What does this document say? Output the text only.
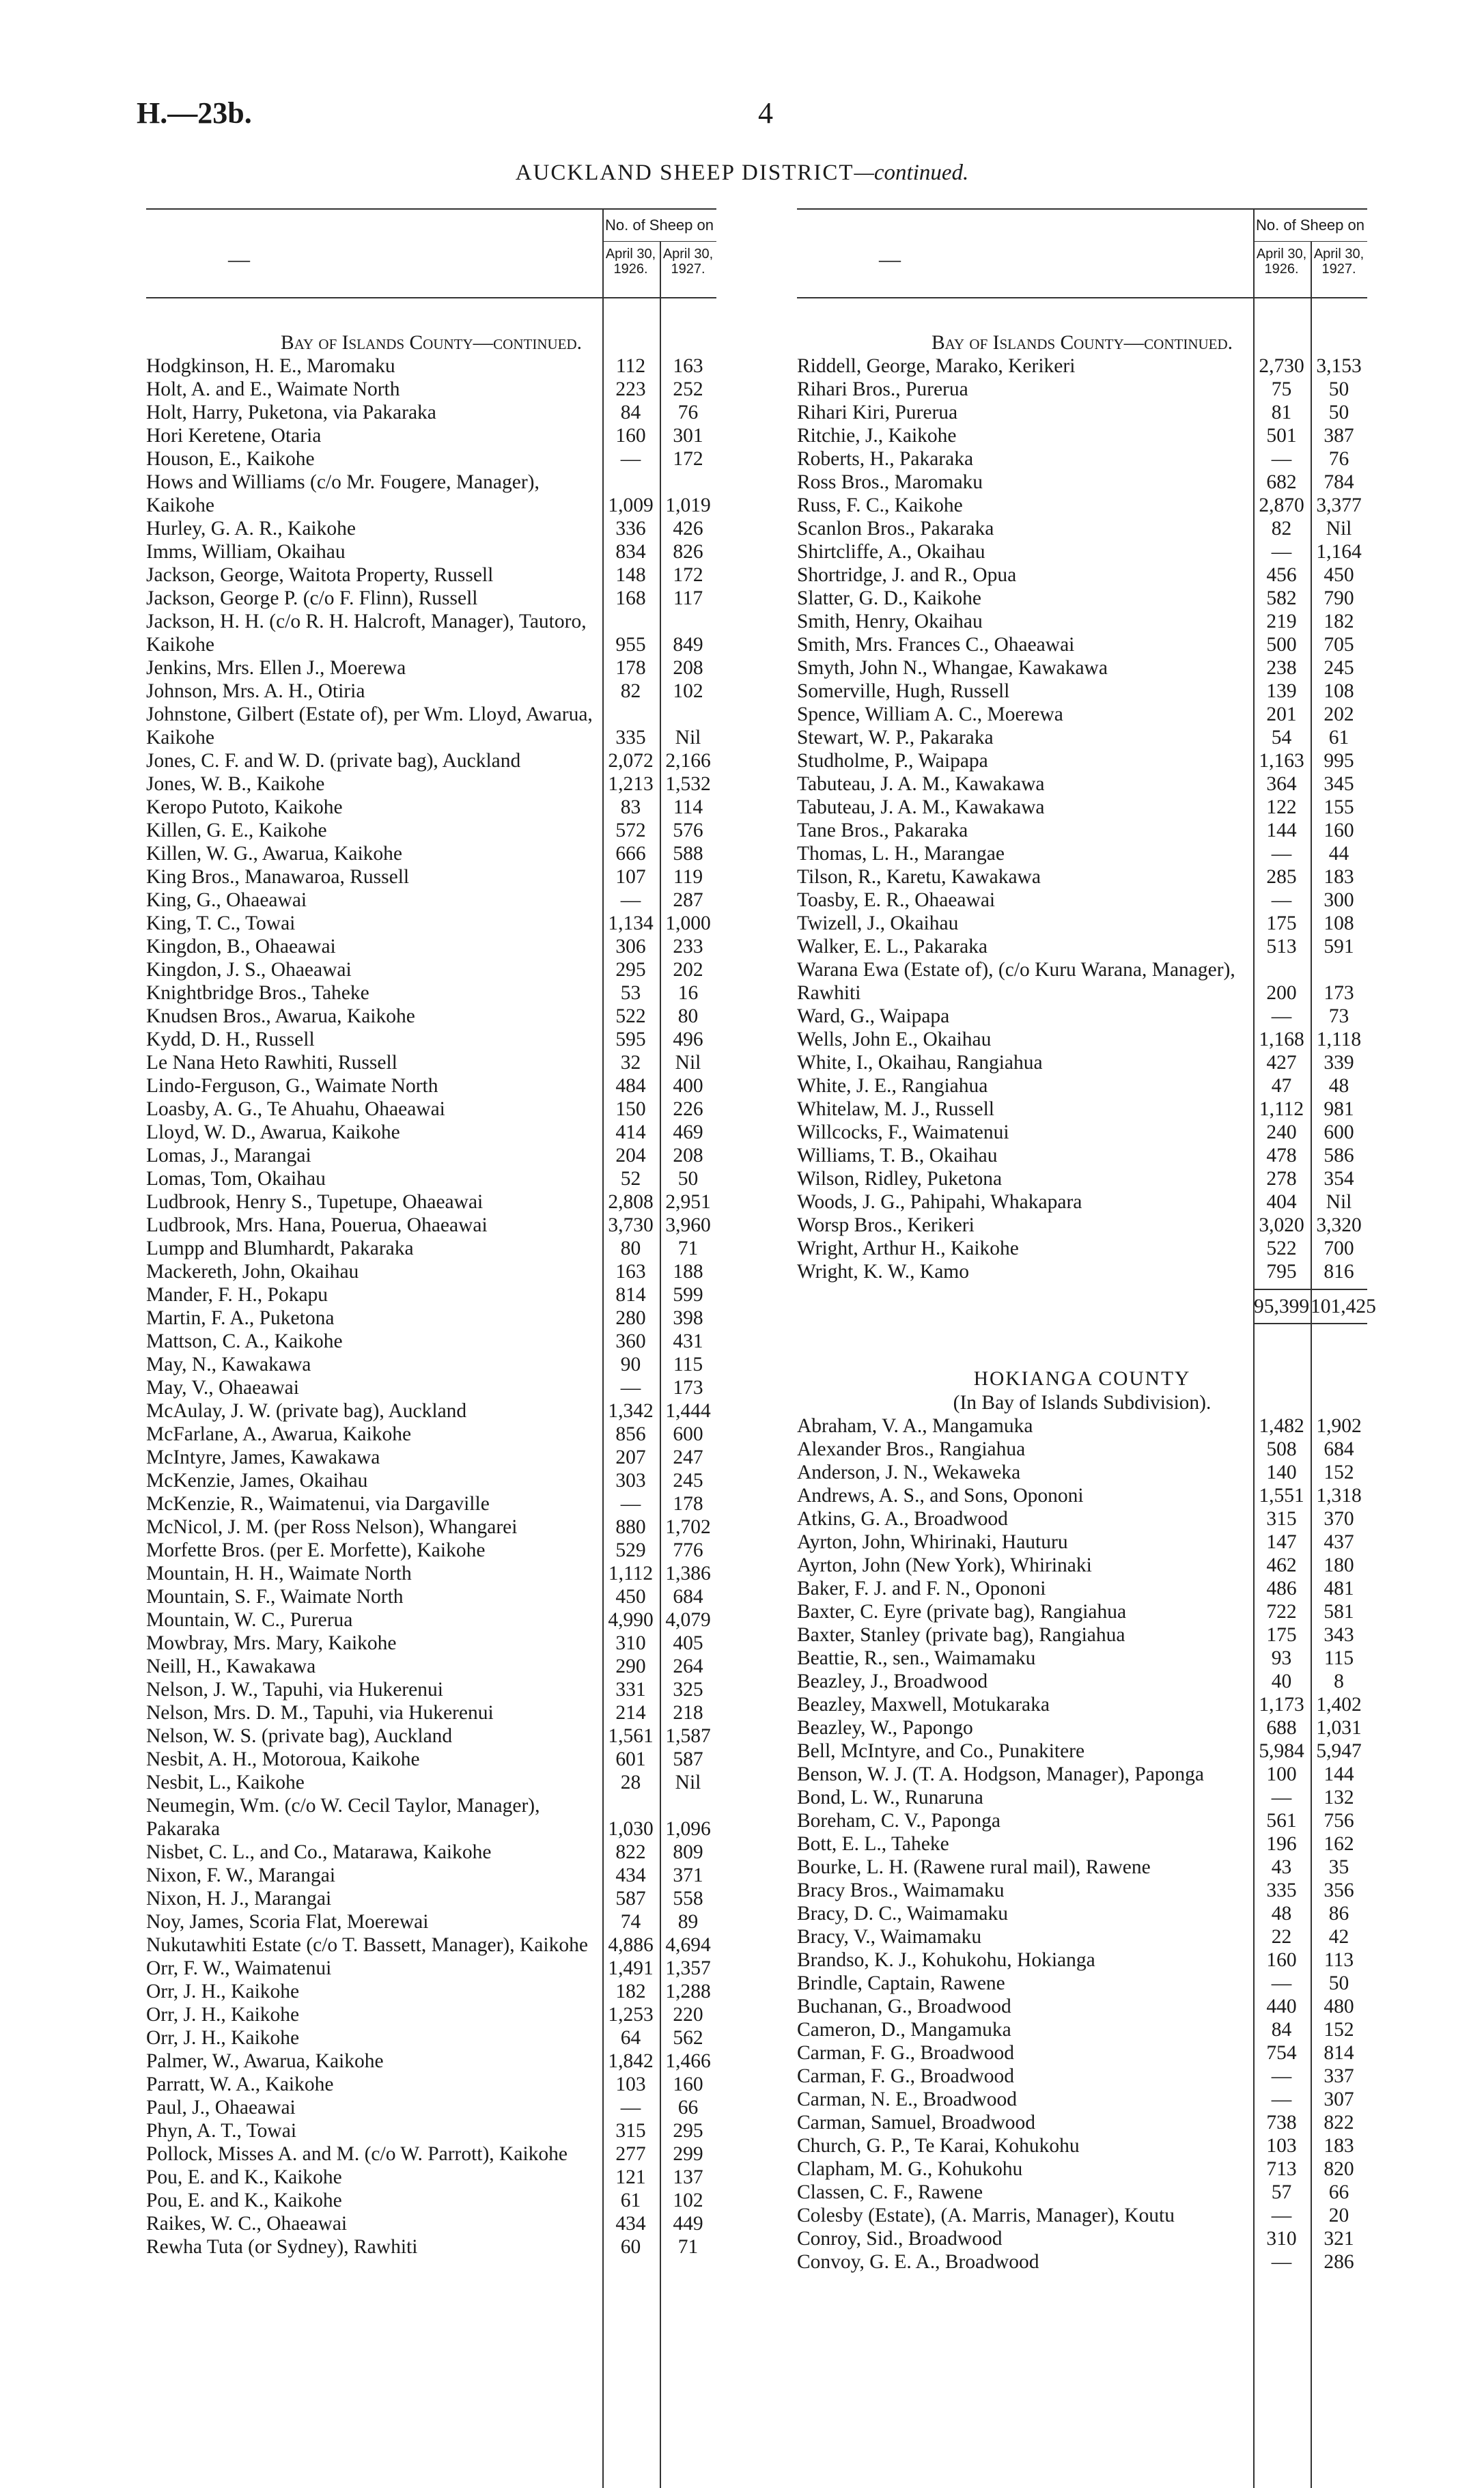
H.—23b.	4
AUCKLAND SHEEP DISTRICT—continued.
—
No. of Sheep on
April 30, 1926.
April 30, 1927.
Bay of Islands County—continued.
Hodgkinson, H. E., Maromaku	112	163
Holt, A. and E., Waimate North	223	252
Holt, Harry, Puketona, via Pakaraka	84	76
Hori Keretene, Otaria	160	301
Houson, E., Kaikohe	—	172
Hows and Williams (c/o Mr. Fougere, Manager), Kaikohe	1,009 1,019
Hurley, G. A. R., Kaikohe	336	426
Imms, William, Okaihau	834	826
Jackson, George, Waitota Property, Russell	148	172
Jackson, George P. (c/o F. Flinn), Russell	168	117
Jackson, H. H. (c/o R. H. Halcroft, Manager), Tautoro, Kaikohe	955	849
Jenkins, Mrs. Ellen J., Moerewa	178	208
Johnson, Mrs. A. H., Otiria	82	102
Johnstone, Gilbert (Estate of), per Wm. Lloyd, Awarua, Kaikohe	335	Nil
Jones, C. F. and W. D. (private bag), Auckland	2,072 2,166
Jones, W. B., Kaikohe	1,213 1,532
Keropo Putoto, Kaikohe	83	114
Killen, G. E., Kaikohe	572	576
Killen, W. G., Awarua, Kaikohe	666	588
King Bros., Manawaroa, Russell	107	119
King, G., Ohaeawai	—	287
King, T. C., Towai	1,134 1,000
Kingdon, B., Ohaeawai	306	233
Kingdon, J. S., Ohaeawai	295	202
Knightbridge Bros., Taheke	53	16
Knudsen Bros., Awarua, Kaikohe	522	80
Kydd, D. H., Russell	595	496
Le Nana Heto Rawhiti, Russell	32	Nil
Lindo-Ferguson, G., Waimate North	484	400
Loasby, A. G., Te Ahuahu, Ohaeawai	150	226
Lloyd, W. D., Awarua, Kaikohe	414	469
Lomas, J., Marangai	204	208
Lomas, Tom, Okaihau	52	50
Ludbrook, Henry S., Tupetupe, Ohaeawai	2,808 2,951
Ludbrook, Mrs. Hana, Pouerua, Ohaeawai	3,730 3,960
Lumpp and Blumhardt, Pakaraka	80	71
Mackereth, John, Okaihau	163	188
Mander, F. H., Pokapu	814	599
Martin, F. A., Puketona	280	398
Mattson, C. A., Kaikohe	360	431
May, N., Kawakawa	90	115
May, V., Ohaeawai	—	173
McAulay, J. W. (private bag), Auckland	1,342 1,444
McFarlane, A., Awarua, Kaikohe	856	600
McIntyre, James, Kawakawa	207	247
McKenzie, James, Okaihau	303	245
McKenzie, R., Waimatenui, via Dargaville	—	178
McNicol, J. M. (per Ross Nelson), Whangarei	880 1,702
Morfette Bros. (per E. Morfette), Kaikohe	529	776
Mountain, H. H., Waimate North	1,112 1,386
Mountain, S. F., Waimate North	450	684
Mountain, W. C., Purerua	4,990 4,079
Mowbray, Mrs. Mary, Kaikohe	310	405
Neill, H., Kawakawa	290	264
Nelson, J. W., Tapuhi, via Hukerenui	331	325
Nelson, Mrs. D. M., Tapuhi, via Hukerenui	214	218
Nelson, W. S. (private bag), Auckland	1,561 1,587
Nesbit, A. H., Motoroua, Kaikohe	601	587
Nesbit, L., Kaikohe	28	Nil
Neumegin, Wm. (c/o W. Cecil Taylor, Manager), Pakaraka	1,030 1,096
Nisbet, C. L., and Co., Matarawa, Kaikohe	822	809
Nixon, F. W., Marangai	434	371
Nixon, H. J., Marangai	587	558
Noy, James, Scoria Flat, Moerewai	74	89
Nukutawhiti Estate (c/o T. Bassett, Manager), Kaikohe 4,886 4,694
Orr, F. W., Waimatenui	1,491 1,357
Orr, J. H., Kaikohe	182 1,288
Orr, J. H., Kaikohe	1,253 220
Orr, J. H., Kaikohe	64	562
Palmer, W., Awarua, Kaikohe	1,842 1,466
Parratt, W. A., Kaikohe	103	160
Paul, J., Ohaeawai	—	66
Phyn, A. T., Towai	315	295
Pollock, Misses A. and M. (c/o W. Parrott), Kaikohe	277	299
Pou, E. and K., Kaikohe	121	137
Pou, E. and K., Kaikohe	61	102
Raikes, W. C., Ohaeawai	434	449
Rewha Tuta (or Sydney), Rawhiti	60	71
—
No. of Sheep on
April 30, 1926.
April 30, 1927.
Bay of Islands County—continued.
Riddell, George, Marako, Kerikeri	2,730 3,153
Rihari Bros., Purerua	75	50
Rihari Kiri, Purerua	81	50
Ritchie, J., Kaikohe	501	387
Roberts, H., Pakaraka	—	76
Ross Bros., Maromaku	682	784
Russ, F. C., Kaikohe	2,870 3,377
Scanlon Bros., Pakaraka	82	Nil
Shirtcliffe, A., Okaihau	—	1,164
Shortridge, J. and R., Opua	456	450
Slatter, G. D., Kaikohe	582	790
Smith, Henry, Okaihau	219	182
Smith, Mrs. Frances C., Ohaeawai	500	705
Smyth, John N., Whangae, Kawakawa	238	245
Somerville, Hugh, Russell	139	108
Spence, William A. C., Moerewa	201	202
Stewart, W. P., Pakaraka	54	61
Studholme, P., Waipapa	1,163 995
Tabuteau, J. A. M., Kawakawa	364	345
Tabuteau, J. A. M., Kawakawa	122	155
Tane Bros., Pakaraka	144	160
Thomas, L. H., Marangae	—	44
Tilson, R., Karetu, Kawakawa	285	183
Toasby, E. R., Ohaeawai	—	300
Twizell, J., Okaihau	175	108
Walker, E. L., Pakaraka	513	591
Warana Ewa (Estate of), (c/o Kuru Warana, Manager), Rawhiti	200	173
Ward, G., Waipapa	—	73
Wells, John E., Okaihau	1,168 1,118
White, I., Okaihau, Rangiahua	427	339
White, J. E., Rangiahua	47	48
Whitelaw, M. J., Russell	1,112 981
Willcocks, F., Waimatenui	240	600
Williams, T. B., Okaihau	478	586
Wilson, Ridley, Puketona	278	354
Woods, J. G., Pahipahi, Whakapara	404	Nil
Worsp Bros., Kerikeri	3,020 3,320
Wright, Arthur H., Kaikohe	522	700
Wright, K. W., Kamo	795	816
95,399 101,425
HOKIANGA COUNTY
(In Bay of Islands Subdivision).
Abraham, V. A., Mangamuka	1,482 1,902
Alexander Bros., Rangiahua	508	684
Anderson, J. N., Wekaweka	140	152
Andrews, A. S., and Sons, Opononi	1,551 1,318
Atkins, G. A., Broadwood	315	370
Ayrton, John, Whirinaki, Hauturu	147	437
Ayrton, John (New York), Whirinaki	462	180
Baker, F. J. and F. N., Opononi	486	481
Baxter, C. Eyre (private bag), Rangiahua	722	581
Baxter, Stanley (private bag), Rangiahua	175	343
Beattie, R., sen., Waimamaku	93	115
Beazley, J., Broadwood	40	8
Beazley, Maxwell, Motukaraka	1,173 1,402
Beazley, W., Papongo	688 1,031
Bell, McIntyre, and Co., Punakitere	5,984 5,947
Benson, W. J. (T. A. Hodgson, Manager), Paponga	100	144
Bond, L. W., Runaruna	—	132
Boreham, C. V., Paponga	561	756
Bott, E. L., Taheke	196	162
Bourke, L. H. (Rawene rural mail), Rawene	43	35
Bracy Bros., Waimamaku	335	356
Bracy, D. C., Waimamaku	48	86
Bracy, V., Waimamaku	22	42
Brandso, K. J., Kohukohu, Hokianga	160	113
Brindle, Captain, Rawene	—	50
Buchanan, G., Broadwood	440	480
Cameron, D., Mangamuka	84	152
Carman, F. G., Broadwood	754	814
Carman, F. G., Broadwood	—	337
Carman, N. E., Broadwood	—	307
Carman, Samuel, Broadwood	738	822
Church, G. P., Te Karai, Kohukohu	103	183
Clapham, M. G., Kohukohu	713	820
Classen, C. F., Rawene	57	66
Colesby (Estate), (A. Marris, Manager), Koutu	—	20
Conroy, Sid., Broadwood	310	321
Convoy, G. E. A., Broadwood	—	286
